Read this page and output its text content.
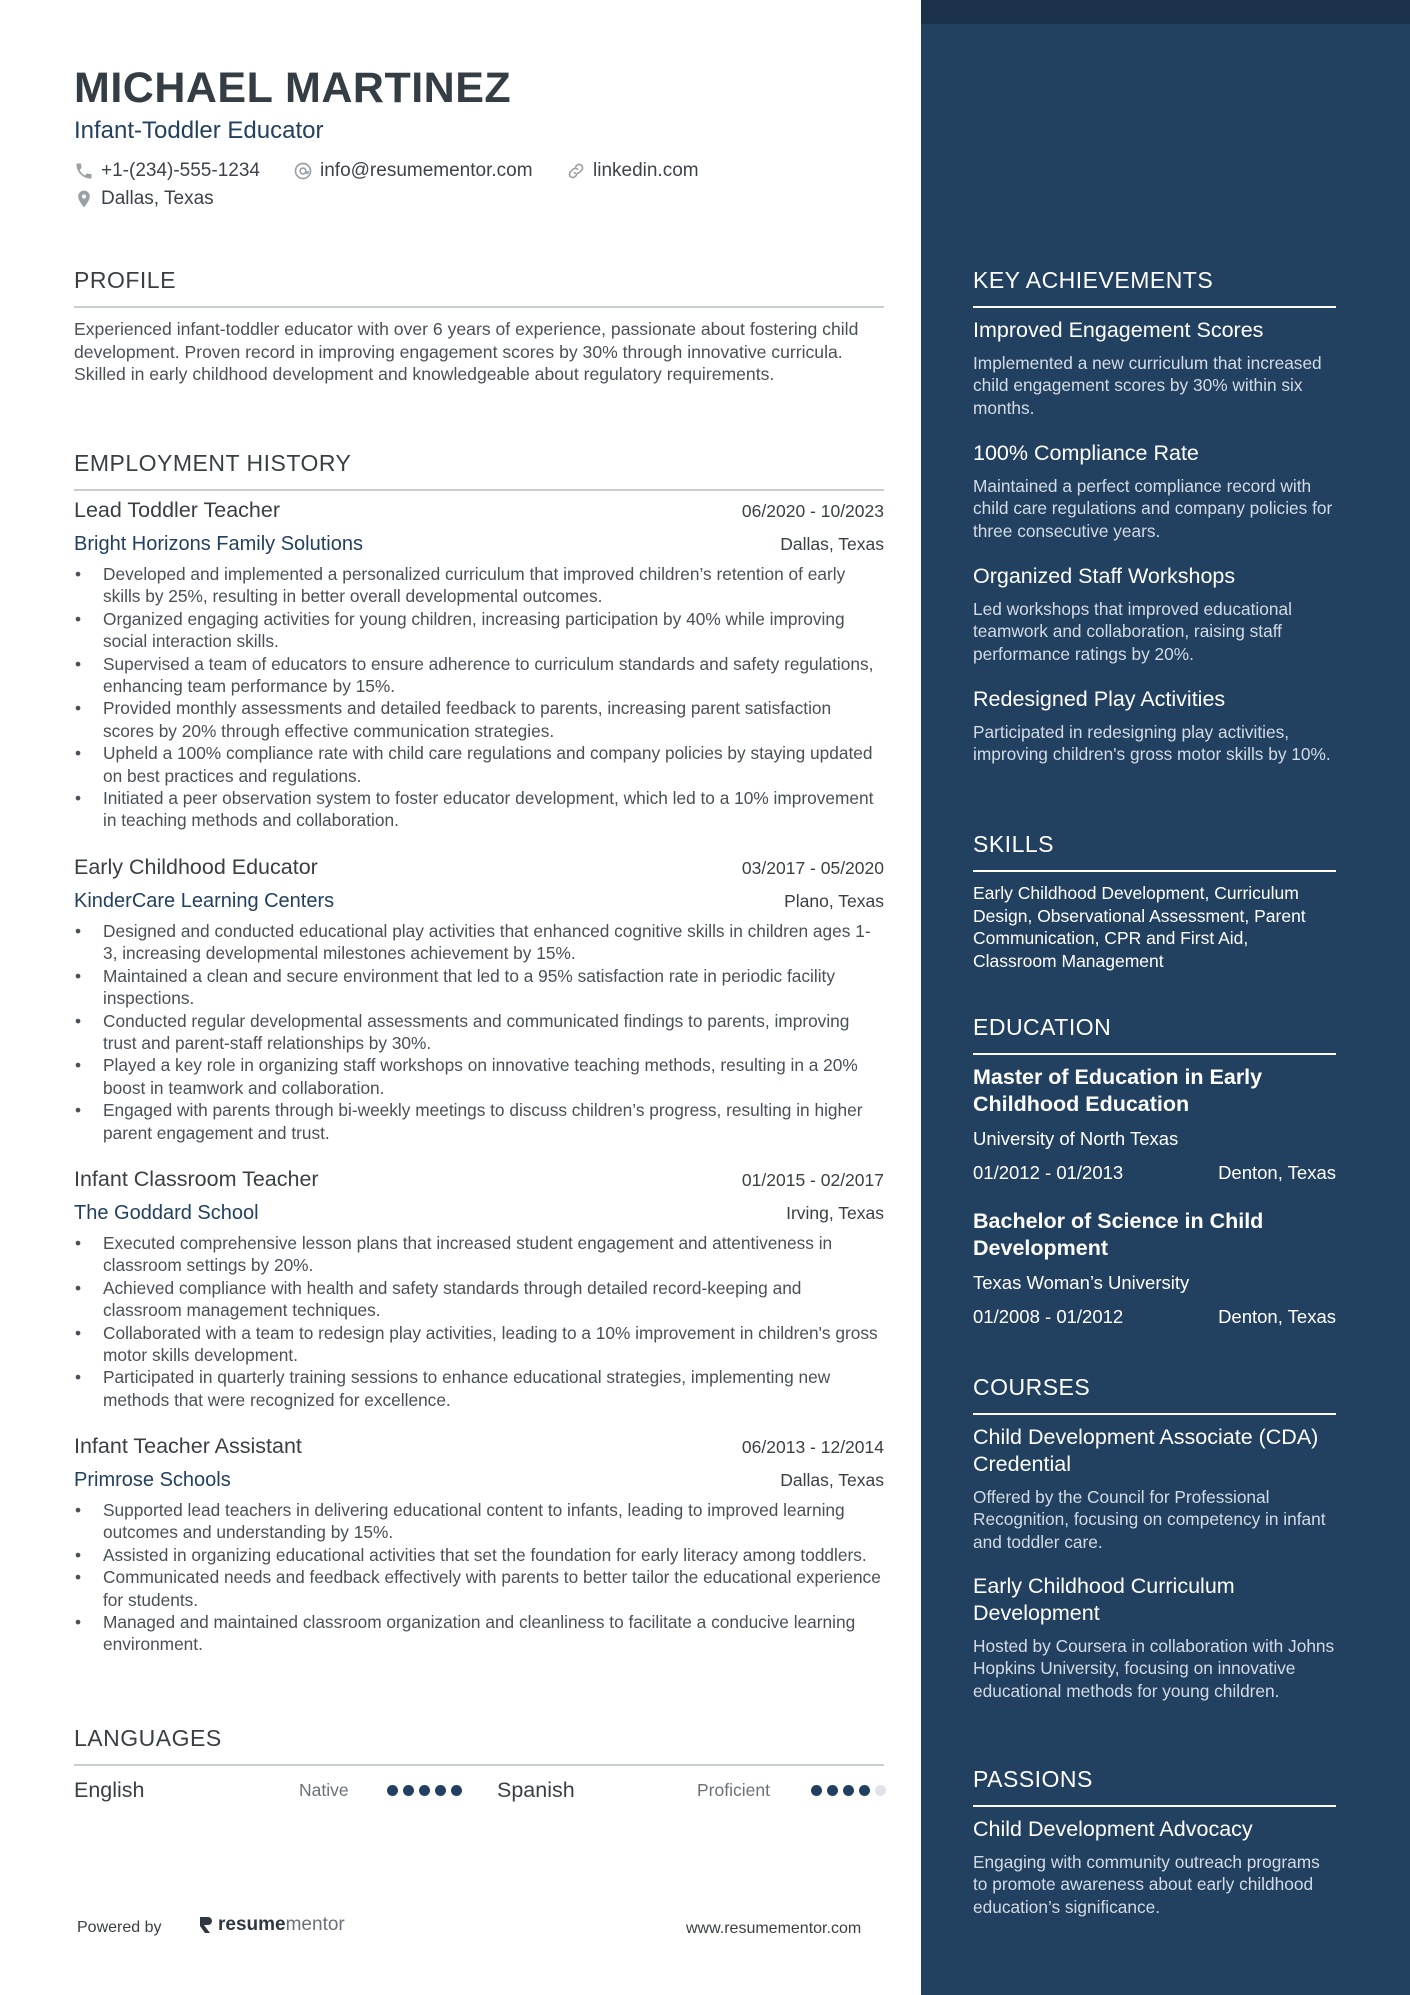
MICHAEL MARTINEZ
Infant-Toddler Educator
+1-(234)-555-1234	info@resumementor.com	linkedin.com
Dallas, Texas
PROFILE
Experienced infant-toddler educator with over 6 years of experience, passionate about fostering child development. Proven record in improving engagement scores by 30% through innovative curricula. Skilled in early childhood development and knowledgeable about regulatory requirements.
EMPLOYMENT HISTORY
Lead Toddler Teacher	06/2020 - 10/2023
Bright Horizons Family Solutions	Dallas, Texas
• Developed and implemented a personalized curriculum that improved children’s retention of early skills by 25%, resulting in better overall developmental outcomes.
• Organized engaging activities for young children, increasing participation by 40% while improving social interaction skills.
• Supervised a team of educators to ensure adherence to curriculum standards and safety regulations, enhancing team performance by 15%.
• Provided monthly assessments and detailed feedback to parents, increasing parent satisfaction scores by 20% through effective communication strategies.
• Upheld a 100% compliance rate with child care regulations and company policies by staying updated on best practices and regulations.
• Initiated a peer observation system to foster educator development, which led to a 10% improvement in teaching methods and collaboration.
Early Childhood Educator	03/2017 - 05/2020
KinderCare Learning Centers	Plano, Texas
• Designed and conducted educational play activities that enhanced cognitive skills in children ages 1-3, increasing developmental milestones achievement by 15%.
• Maintained a clean and secure environment that led to a 95% satisfaction rate in periodic facility inspections.
• Conducted regular developmental assessments and communicated findings to parents, improving trust and parent-staff relationships by 30%.
• Played a key role in organizing staff workshops on innovative teaching methods, resulting in a 20% boost in teamwork and collaboration.
• Engaged with parents through bi-weekly meetings to discuss children’s progress, resulting in higher parent engagement and trust.
Infant Classroom Teacher	01/2015 - 02/2017
The Goddard School	Irving, Texas
• Executed comprehensive lesson plans that increased student engagement and attentiveness in classroom settings by 20%.
• Achieved compliance with health and safety standards through detailed record-keeping and classroom management techniques.
• Collaborated with a team to redesign play activities, leading to a 10% improvement in children's gross motor skills development.
• Participated in quarterly training sessions to enhance educational strategies, implementing new methods that were recognized for excellence.
Infant Teacher Assistant	06/2013 - 12/2014
Primrose Schools	Dallas, Texas
• Supported lead teachers in delivering educational content to infants, leading to improved learning outcomes and understanding by 15%.
• Assisted in organizing educational activities that set the foundation for early literacy among toddlers.
• Communicated needs and feedback effectively with parents to better tailor the educational experience for students.
• Managed and maintained classroom organization and cleanliness to facilitate a conducive learning environment.
LANGUAGES
English	Native	Spanish	Proficient
Powered by	resumementor	www.resumementor.com
KEY ACHIEVEMENTS
Improved Engagement Scores
Implemented a new curriculum that increased child engagement scores by 30% within six months.
100% Compliance Rate
Maintained a perfect compliance record with child care regulations and company policies for three consecutive years.
Organized Staff Workshops
Led workshops that improved educational teamwork and collaboration, raising staff performance ratings by 20%.
Redesigned Play Activities
Participated in redesigning play activities, improving children's gross motor skills by 10%.
SKILLS
Early Childhood Development, Curriculum Design, Observational Assessment, Parent Communication, CPR and First Aid, Classroom Management
EDUCATION
Master of Education in Early Childhood Education
University of North Texas
01/2012 - 01/2013	Denton, Texas
Bachelor of Science in Child Development
Texas Woman’s University
01/2008 - 01/2012	Denton, Texas
COURSES
Child Development Associate (CDA) Credential
Offered by the Council for Professional Recognition, focusing on competency in infant and toddler care.
Early Childhood Curriculum Development
Hosted by Coursera in collaboration with Johns Hopkins University, focusing on innovative educational methods for young children.
PASSIONS
Child Development Advocacy
Engaging with community outreach programs to promote awareness about early childhood education’s significance.
